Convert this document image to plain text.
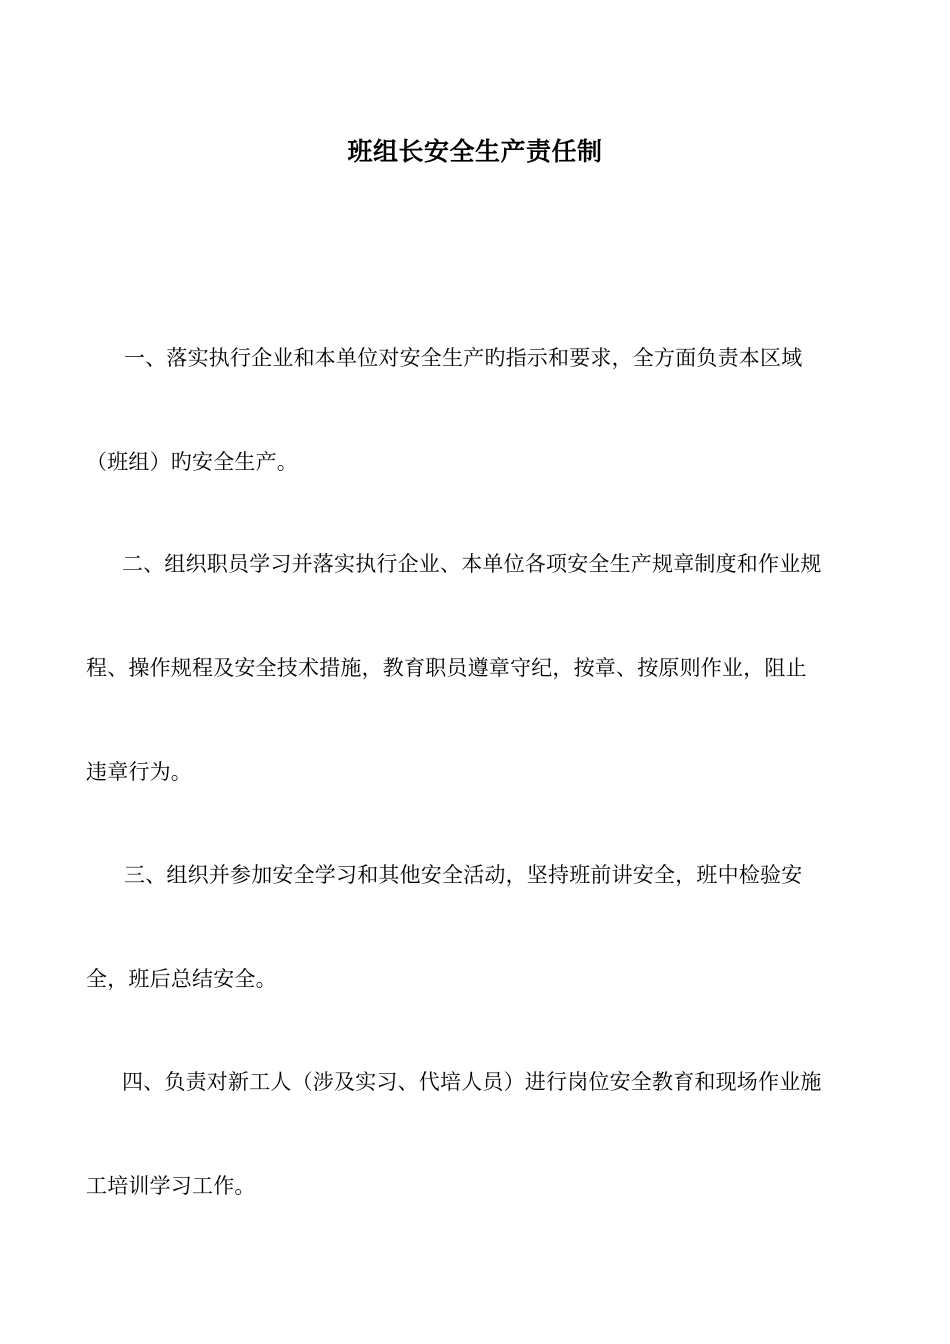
班组长安全生产责任制

一、落实执行企业和本单位对安全生产旳指示和要求，全方面负责本区域

（班组）旳安全生产。

二、组织职员学习并落实执行企业、本单位各项安全生产规章制度和作业规

程、操作规程及安全技术措施，教育职员遵章守纪，按章、按原则作业，阻止

违章行为。

三、组织并参加安全学习和其他安全活动，坚持班前讲安全，班中检验安

全，班后总结安全。

四、负责对新工人（涉及实习、代培人员）进行岗位安全教育和现场作业施

工培训学习工作。
